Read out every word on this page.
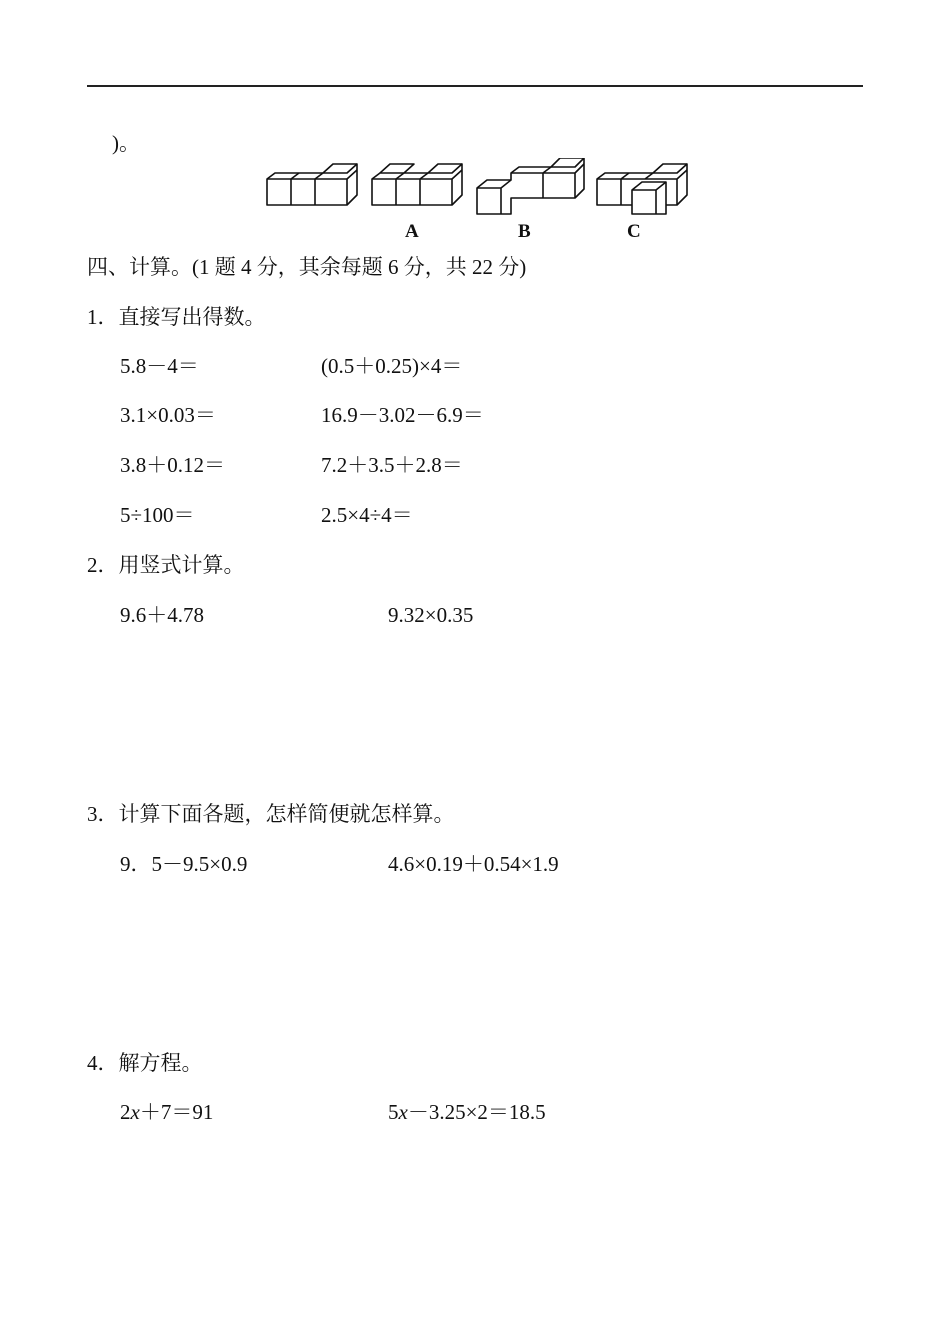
)。
A	B	C
四、计算。(1 题 4 分，其余每题 6 分，共 22 分)
1．直接写出得数。
5.8－4＝	(0.5＋0.25)×4＝
3.1×0.03＝	16.9－3.02－6.9＝
3.8＋0.12＝	7.2＋3.5＋2.8＝
5÷100＝	2.5×4÷4＝
2．用竖式计算。
9.6＋4.78	9.32×0.35
3．计算下面各题，怎样简便就怎样算。
9．5－9.5×0.9	4.6×0.19＋0.54×1.9
4．解方程。
2x＋7＝91	5x－3.25×2＝18.5
